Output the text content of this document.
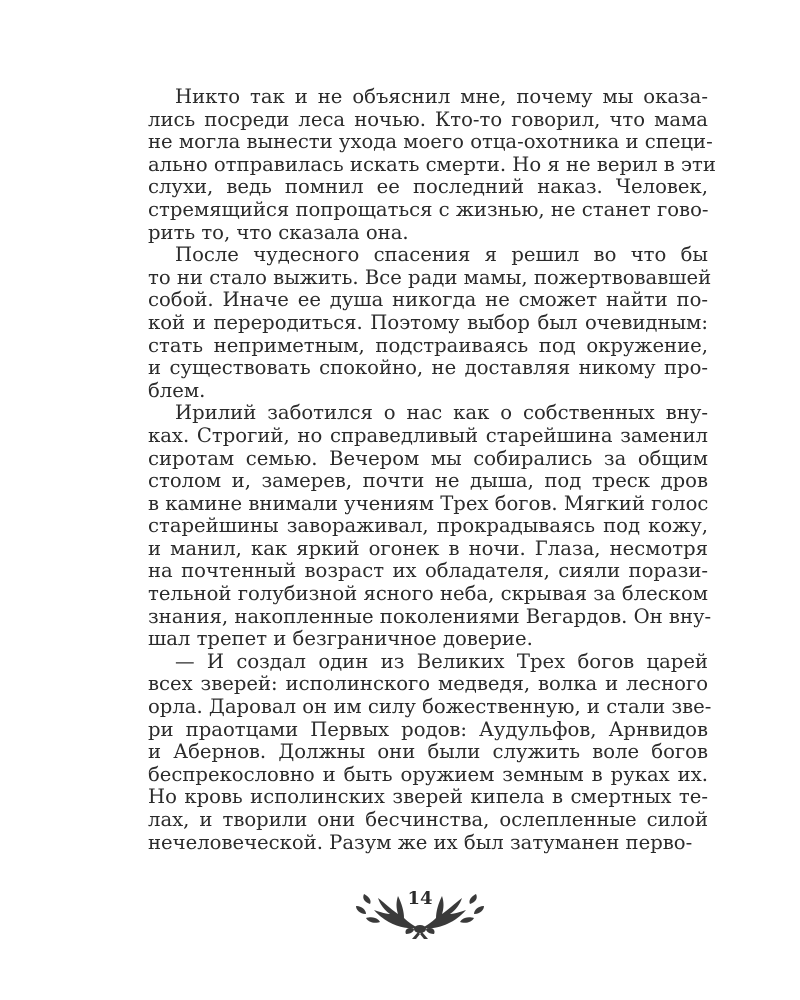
Никто так и не объяснил мне, почему мы оказа-
лись посреди леса ночью. Кто-то говорил, что мама
не могла вынести ухода моего отца-охотника и специ-
ально отправилась искать смерти. Но я не верил в эти
слухи, ведь помнил ее последний наказ. Человек,
стремящийся попрощаться с жизнью, не станет гово-
рить то, что сказала она.
После чудесного спасения я решил во что бы
то ни стало выжить. Все ради мамы, пожертвовавшей
собой. Иначе ее душа никогда не сможет найти по-
кой и переродиться. Поэтому выбор был очевидным:
стать неприметным, подстраиваясь под окружение,
и существовать спокойно, не доставляя никому про-
блем.
Ирилий заботился о нас как о собственных вну-
ках. Строгий, но справедливый старейшина заменил
сиротам семью. Вечером мы собирались за общим
столом и, замерев, почти не дыша, под треск дров
в камине внимали учениям Трех богов. Мягкий голос
старейшины завораживал, прокрадываясь под кожу,
и манил, как яркий огонек в ночи. Глаза, несмотря
на почтенный возраст их обладателя, сияли порази-
тельной голубизной ясного неба, скрывая за блеском
знания, накопленные поколениями Вегардов. Он вну-
шал трепет и безграничное доверие.
— И создал один из Великих Трех богов царей
всех зверей: исполинского медведя, волка и лесного
орла. Даровал он им силу божественную, и стали зве-
ри праотцами Первых родов: Аудульфов, Арнвидов
и Абернов. Должны они были служить воле богов
беспрекословно и быть оружием земным в руках их.
Но кровь исполинских зверей кипела в смертных те-
лах, и творили они бесчинства, ослепленные силой
нечеловеческой. Разум же их был затуманен перво-
14
